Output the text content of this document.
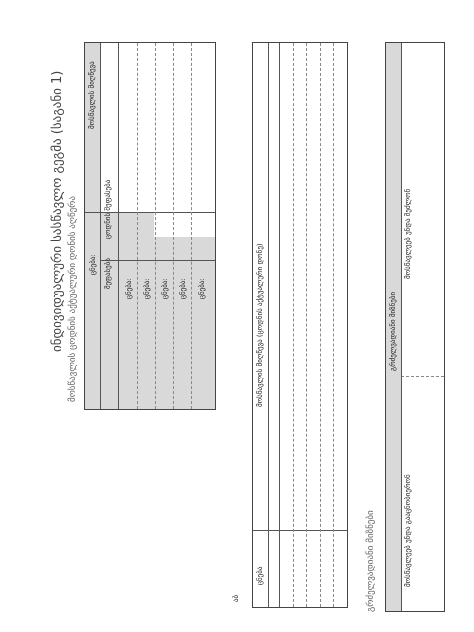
ინდივიდუალური სასწავლო გეგმა (საგანი 1) მოსწავლის ცოდნის აქტუალური დონის აღწერა
მოსწავლის მიღწევა
ცნება:
ცნება: ცნება: ცნება: ცნება: ცნება:
ცოდნის შეფასება
შეფასება
აბ
ცნება
მოსწავლის მიღწევა (ცოდნის აქტუალური დონე)
გრძელვადიანი მიზნები
გრძელვადიანი მიზნები
მოსწავლეებ უნდა გააცნობიერონ
მოსწავლეებ უნდა შეძლონ
